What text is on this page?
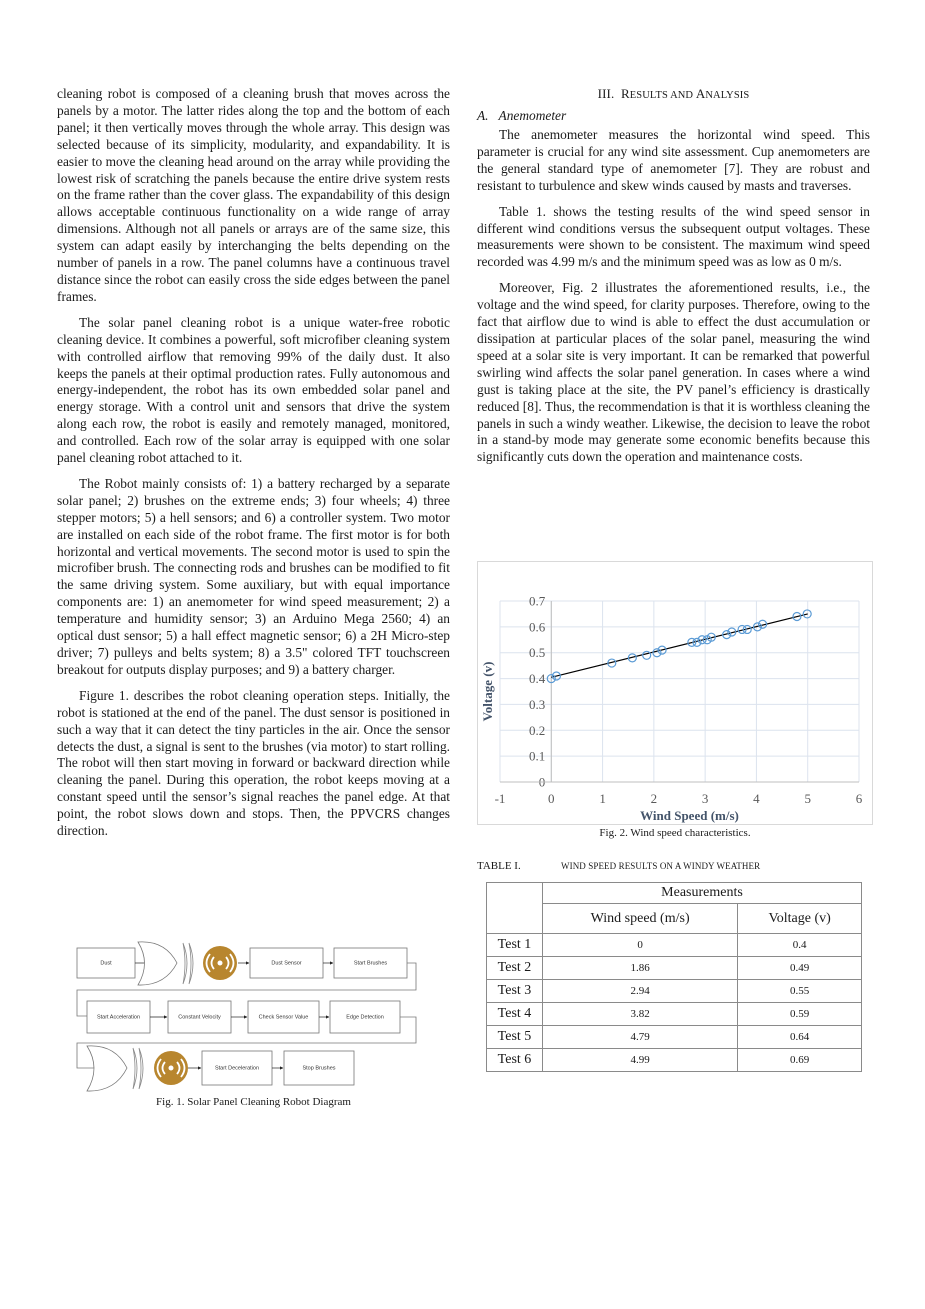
cleaning robot is composed of a cleaning brush that moves across the panels by a motor. The latter rides along the top and the bottom of each panel; it then vertically moves through the whole array. This design was selected because of its simplicity, modularity, and expandability. It is easier to move the cleaning head around on the array while providing the lowest risk of scratching the panels because the entire drive system rests on the frame rather than the cover glass. The expandability of this design allows acceptable continuous functionality on a wide range of array dimensions. Although not all panels or arrays are of the same size, this system can adapt easily by interchanging the belts depending on the number of panels in a row. The panel columns have a continuous travel distance since the robot can easily cross the side edges between the panel frames.

The solar panel cleaning robot is a unique water-free robotic cleaning device. It combines a powerful, soft microfiber cleaning system with controlled airflow that removing 99% of the daily dust. It also keeps the panels at their optimal production rates. Fully autonomous and energy-independent, the robot has its own embedded solar panel and energy storage. With a control unit and sensors that drive the system along each row, the robot is easily and remotely managed, monitored, and controlled. Each row of the solar array is equipped with one solar panel cleaning robot attached to it.

The Robot mainly consists of: 1) a battery recharged by a separate solar panel; 2) brushes on the extreme ends; 3) four wheels; 4) three stepper motors; 5) a hell sensors; and 6) a controller system. Two motor are installed on each side of the robot frame. The first motor is for both horizontal and vertical movements. The second motor is used to spin the microfiber brush. The connecting rods and brushes can be modified to fit the same driving system. Some auxiliary, but with equal importance components are: 1) an anemometer for wind speed measurement; 2) a temperature and humidity sensor; 3) an Arduino Mega 2560; 4) an optical dust sensor; 5) a hall effect magnetic sensor; 6) a 2H Micro-step driver; 7) pulleys and belts system; 8) a 3.5" colored TFT touchscreen breakout for outputs display purposes; and 9) a battery charger.

Figure 1. describes the robot cleaning operation steps. Initially, the robot is stationed at the end of the panel. The dust sensor is positioned in such a way that it can detect the tiny particles in the air. Once the sensor detects the dust, a signal is sent to the brushes (via motor) to start rolling. The robot will then start moving in forward or backward direction while cleaning the panel. During this operation, the robot keeps moving at a constant speed until the sensor’s signal reaches the panel edge. At that point, the robot slows down and stops. Then, the PPVCRS changes direction.

Dust	Dust Sensor	Start Brushes
Start Acceleration	Constant Velocity	Check Sensor Value	Edge Detection
Start Deceleration	Stop Brushes
Fig. 1. Solar Panel Cleaning Robot Diagram
III. RESULTS AND ANALYSIS
A. Anemometer

The anemometer measures the horizontal wind speed. This parameter is crucial for any wind site assessment. Cup anemometers are the general standard type of anemometer [7]. They are robust and resistant to turbulence and skew winds caused by masts and traverses.

Table 1. shows the testing results of the wind speed sensor in different wind conditions versus the subsequent output voltages. These measurements were shown to be consistent. The maximum wind speed recorded was 4.99 m/s and the minimum speed was as low as 0 m/s.

Moreover, Fig. 2 illustrates the aforementioned results, i.e., the voltage and the wind speed, for clarity purposes. Therefore, owing to the fact that airflow due to wind is able to effect the dust accumulation or dissipation at particular places of the solar panel, measuring the wind speed at a solar site is very important. It can be remarked that powerful swirling wind affects the solar panel generation. In cases where a wind gust is taking place at the site, the PV panel’s efficiency is drastically reduced [8]. Thus, the recommendation is that it is worthless cleaning the panels in such a windy weather. Likewise, the decision to leave the robot in a stand-by mode may generate some economic benefits because this significantly cuts down the operation and maintenance costs.

0
0.1
0.2
0.3
0.4
0.5
0.6
0.7
-1	0	1	2	3	4	5	6
Wind Speed (m/s)
Voltage (v)
Fig. 2. Wind speed characteristics.
TABLE I.	WIND SPEED RESULTS ON A WINDY WEATHER
	Measurements	
	Wind speed (m/s)	Voltage (v)
Test 1	0	0.4
Test 2	1.86	0.49
Test 3	2.94	0.55
Test 4	3.82	0.59
Test 5	4.79	0.64
Test 6	4.99	0.69
